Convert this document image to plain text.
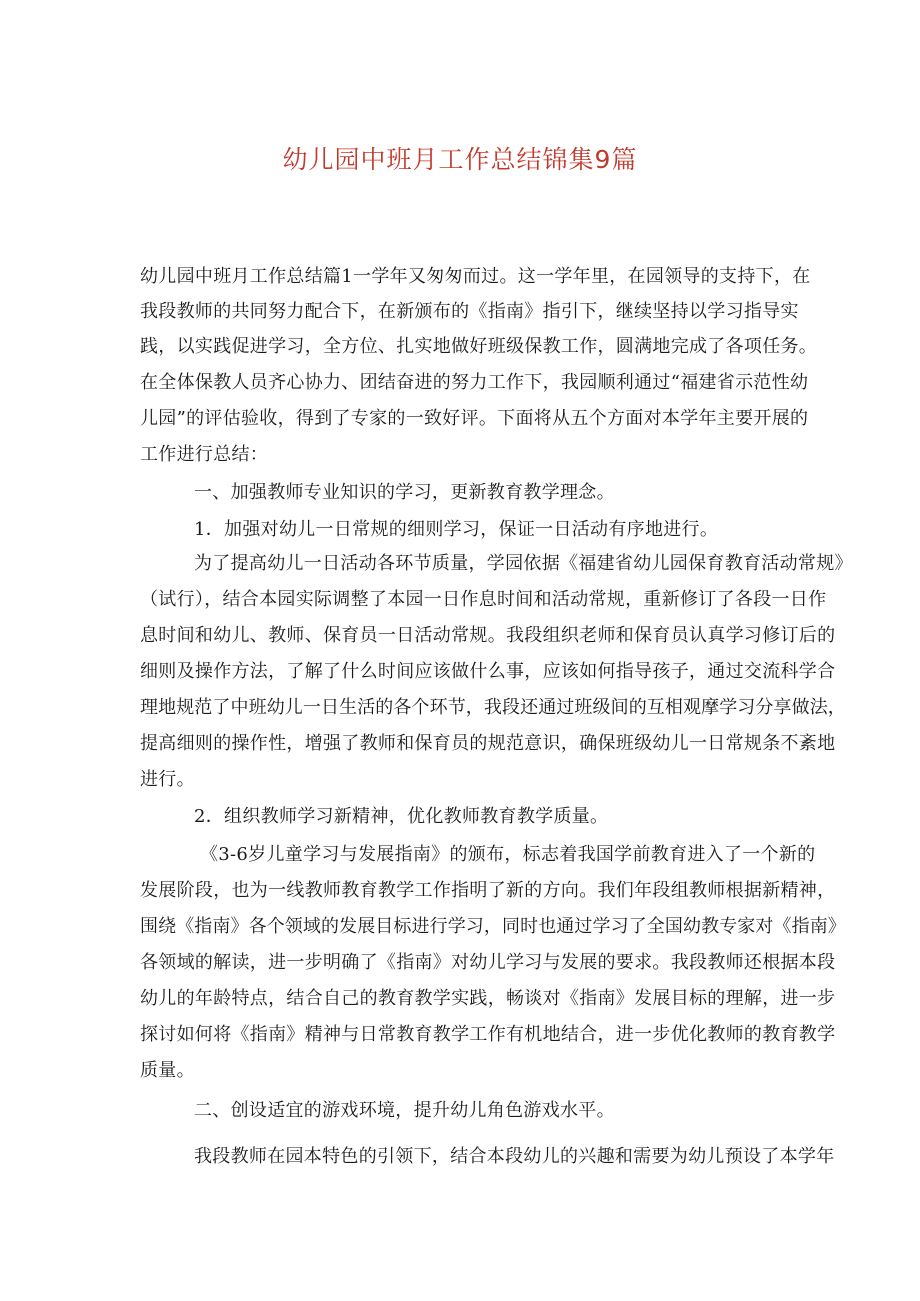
幼儿园中班月工作总结锦集9篇
幼儿园中班月工作总结篇1一学年又匆匆而过。这一学年里，在园领导的支持下，在
我段教师的共同努力配合下，在新颁布的《指南》指引下，继续坚持以学习指导实
践，以实践促进学习，全方位、扎实地做好班级保教工作，圆满地完成了各项任务。
在全体保教人员齐心协力、团结奋进的努力工作下，我园顺利通过“福建省示范性幼
儿园”的评估验收，得到了专家的一致好评。下面将从五个方面对本学年主要开展的
工作进行总结：
一、加强教师专业知识的学习，更新教育教学理念。
1．加强对幼儿一日常规的细则学习，保证一日活动有序地进行。
为了提高幼儿一日活动各环节质量，学园依据《福建省幼儿园保育教育活动常规》
（试行），结合本园实际调整了本园一日作息时间和活动常规，重新修订了各段一日作
息时间和幼儿、教师、保育员一日活动常规。我段组织老师和保育员认真学习修订后的
细则及操作方法，了解了什么时间应该做什么事，应该如何指导孩子，通过交流科学合
理地规范了中班幼儿一日生活的各个环节，我段还通过班级间的互相观摩学习分享做法，
提高细则的操作性，增强了教师和保育员的规范意识，确保班级幼儿一日常规条不紊地
进行。
2．组织教师学习新精神，优化教师教育教学质量。
《3-6岁儿童学习与发展指南》的颁布，标志着我国学前教育进入了一个新的
发展阶段，也为一线教师教育教学工作指明了新的方向。我们年段组教师根据新精神，
围绕《指南》各个领域的发展目标进行学习，同时也通过学习了全国幼教专家对《指南》
各领域的解读，进一步明确了《指南》对幼儿学习与发展的要求。我段教师还根据本段
幼儿的年龄特点，结合自己的教育教学实践，畅谈对《指南》发展目标的理解，进一步
探讨如何将《指南》精神与日常教育教学工作有机地结合，进一步优化教师的教育教学
质量。
二、创设适宜的游戏环境，提升幼儿角色游戏水平。
我段教师在园本特色的引领下，结合本段幼儿的兴趣和需要为幼儿预设了本学年
